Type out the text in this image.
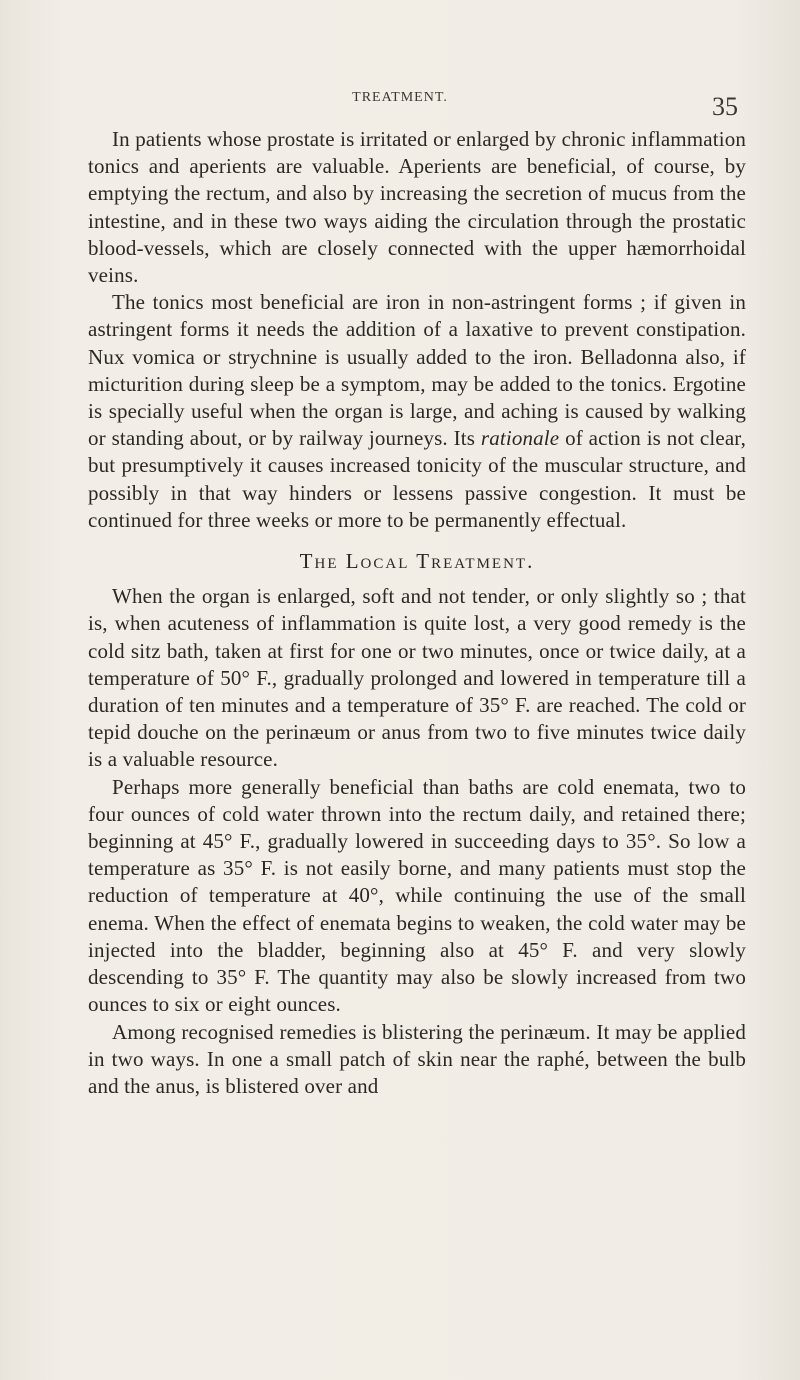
TREATMENT.	35

In patients whose prostate is irritated or enlarged by chronic inflammation tonics and aperients are valuable. Aperients are beneficial, of course, by emptying the rectum, and also by increasing the secretion of mucus from the intestine, and in these two ways aiding the circulation through the prostatic blood-vessels, which are closely connected with the upper hæmorrhoidal veins.

The tonics most beneficial are iron in non-astringent forms ; if given in astringent forms it needs the addition of a laxative to prevent constipation. Nux vomica or strychnine is usually added to the iron. Belladonna also, if micturition during sleep be a symptom, may be added to the tonics. Ergotine is specially useful when the organ is large, and aching is caused by walking or standing about, or by railway journeys. Its rationale of action is not clear, but presumptively it causes increased tonicity of the muscular structure, and possibly in that way hinders or lessens passive congestion. It must be continued for three weeks or more to be permanently effectual.

The Local Treatment.

When the organ is enlarged, soft and not tender, or only slightly so ; that is, when acuteness of inflammation is quite lost, a very good remedy is the cold sitz bath, taken at first for one or two minutes, once or twice daily, at a temperature of 50° F., gradually prolonged and lowered in temperature till a duration of ten minutes and a temperature of 35° F. are reached. The cold or tepid douche on the perinæum or anus from two to five minutes twice daily is a valuable resource.

Perhaps more generally beneficial than baths are cold enemata, two to four ounces of cold water thrown into the rectum daily, and retained there; beginning at 45° F., gradually lowered in succeeding days to 35°. So low a temperature as 35° F. is not easily borne, and many patients must stop the reduction of temperature at 40°, while continuing the use of the small enema. When the effect of enemata begins to weaken, the cold water may be injected into the bladder, beginning also at 45° F. and very slowly descending to 35° F. The quantity may also be slowly increased from two ounces to six or eight ounces.

Among recognised remedies is blistering the perinæum. It may be applied in two ways. In one a small patch of skin near the raphé, between the bulb and the anus, is blistered over and
